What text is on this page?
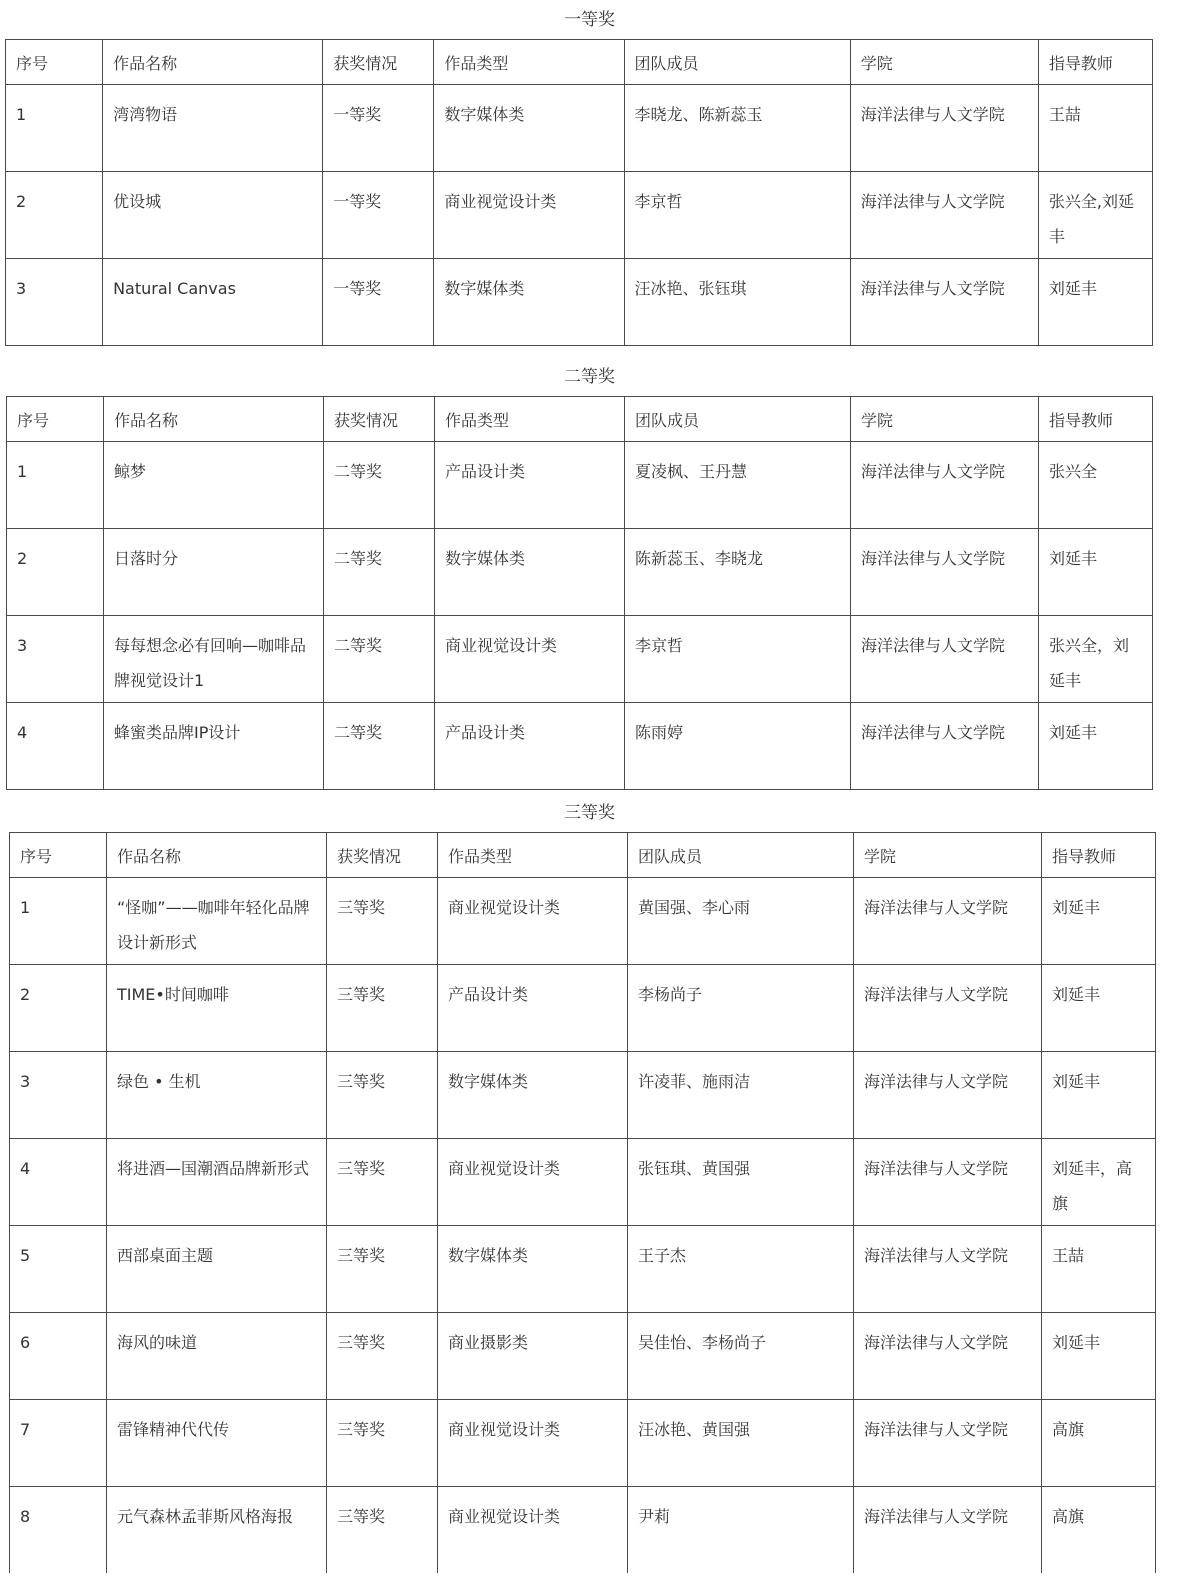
一等奖
序号	作品名称	获奖情况	作品类型	团队成员	学院	指导教师
1	湾湾物语	一等奖	数字媒体类	李晓龙、陈新蕊玉	海洋法律与人文学院	王喆
2	优设城	一等奖	商业视觉设计类	李京哲	海洋法律与人文学院	张兴全,刘延丰
3	Natural Canvas	一等奖	数字媒体类	汪冰艳、张钰琪	海洋法律与人文学院	刘延丰
二等奖
序号	作品名称	获奖情况	作品类型	团队成员	学院	指导教师
1	鲸梦	二等奖	产品设计类	夏凌枫、王丹慧	海洋法律与人文学院	张兴全
2	日落时分	二等奖	数字媒体类	陈新蕊玉、李晓龙	海洋法律与人文学院	刘延丰
3	每每想念必有回响—咖啡品牌视觉设计1	二等奖	商业视觉设计类	李京哲	海洋法律与人文学院	张兴全，刘延丰
4	蜂蜜类品牌IP设计	二等奖	产品设计类	陈雨婷	海洋法律与人文学院	刘延丰
三等奖
序号	作品名称	获奖情况	作品类型	团队成员	学院	指导教师
1	“怪咖”——咖啡年轻化品牌设计新形式	三等奖	商业视觉设计类	黄国强、李心雨	海洋法律与人文学院	刘延丰
2	TIME•时间咖啡	三等奖	产品设计类	李杨尚子	海洋法律与人文学院	刘延丰
3	绿色 • 生机	三等奖	数字媒体类	许凌菲、施雨洁	海洋法律与人文学院	刘延丰
4	将进酒—国潮酒品牌新形式	三等奖	商业视觉设计类	张钰琪、黄国强	海洋法律与人文学院	刘延丰，高旗
5	西部桌面主题	三等奖	数字媒体类	王子杰	海洋法律与人文学院	王喆
6	海风的味道	三等奖	商业摄影类	吴佳怡、李杨尚子	海洋法律与人文学院	刘延丰
7	雷锋精神代代传	三等奖	商业视觉设计类	汪冰艳、黄国强	海洋法律与人文学院	高旗
8	元气森林孟菲斯风格海报	三等奖	商业视觉设计类	尹莉	海洋法律与人文学院	高旗
